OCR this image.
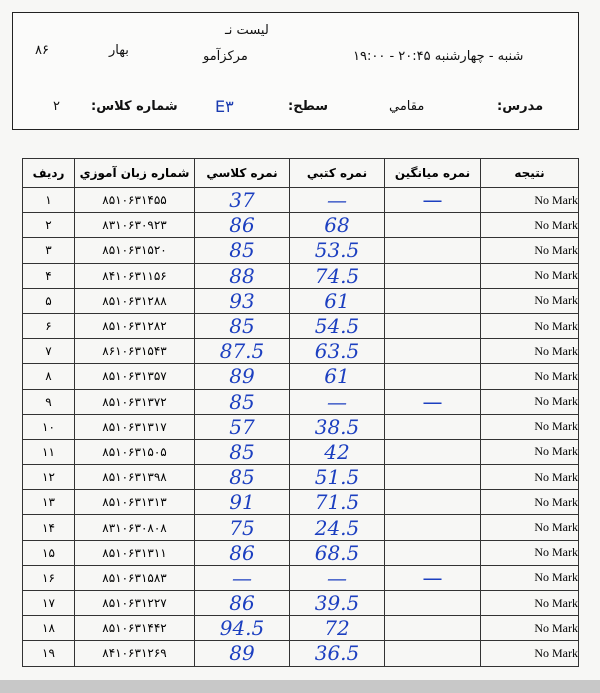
لیست نـ
مرکزآمو
بهار
۸۶	شنبه - چهارشنبه ۲۰:۴۵ - ۱۹:۰۰
مدرس:
مقامي
سطح:
E۳
شماره کلاس:
۲
رديف	شماره زبان آموزي	نمره کلاسي	نمره کتبي	نمره ميانگين	نتيجه
۱	۸۵۱۰۶۳۱۴۵۵	37	—	—	No Mark
۲	۸۳۱۰۶۳۰۹۲۳	86	68		No Mark
۳	۸۵۱۰۶۳۱۵۲۰	85	53.5		No Mark
۴	۸۴۱۰۶۳۱۱۵۶	88	74.5		No Mark
۵	۸۵۱۰۶۳۱۲۸۸	93	61		No Mark
۶	۸۵۱۰۶۳۱۲۸۲	85	54.5		No Mark
۷	۸۶۱۰۶۳۱۵۴۳	87.5	63.5		No Mark
۸	۸۵۱۰۶۳۱۳۵۷	89	61		No Mark
۹	۸۵۱۰۶۳۱۳۷۲	85	—	—	No Mark
۱۰	۸۵۱۰۶۳۱۳۱۷	57	38.5		No Mark
۱۱	۸۵۱۰۶۳۱۵۰۵	85	42		No Mark
۱۲	۸۵۱۰۶۳۱۳۹۸	85	51.5		No Mark
۱۳	۸۵۱۰۶۳۱۳۱۳	91	71.5		No Mark
۱۴	۸۳۱۰۶۳۰۸۰۸	75	24.5		No Mark
۱۵	۸۵۱۰۶۳۱۳۱۱	86	68.5		No Mark
۱۶	۸۵۱۰۶۳۱۵۸۳	—	—	—	No Mark
۱۷	۸۵۱۰۶۳۱۲۲۷	86	39.5		No Mark
۱۸	۸۵۱۰۶۳۱۴۴۲	94.5	72		No Mark
۱۹	۸۴۱۰۶۳۱۲۶۹	89	36.5		No Mark
